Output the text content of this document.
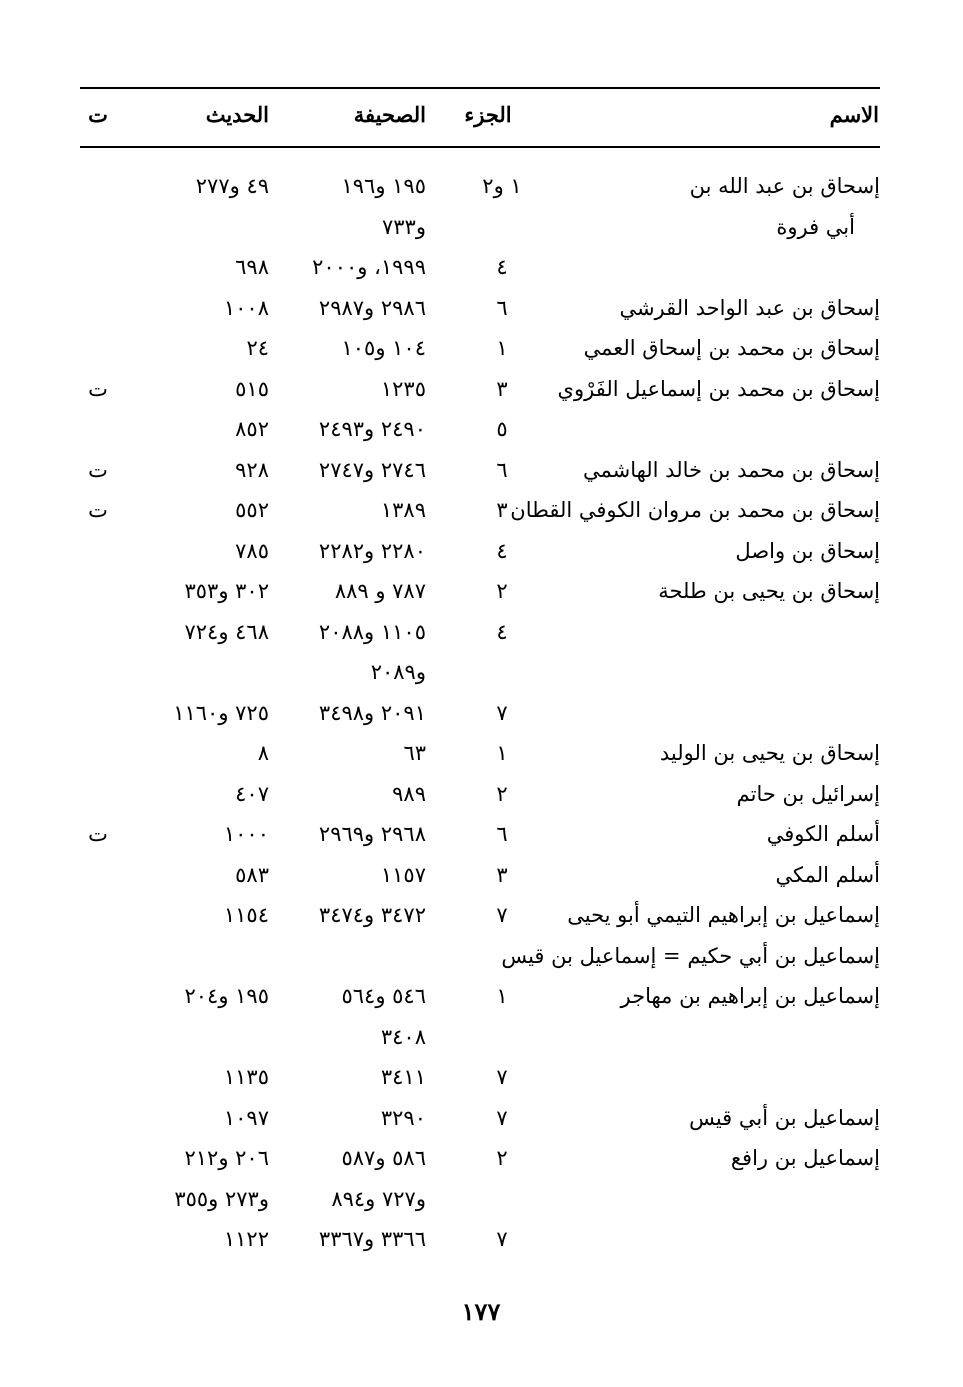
الاسم
الجزء
الصحيفة
الحديث
ت
إسحاق بن عبد الله بن
١ و٢
١٩٥ و١٩٦
٤٩ و٢٧٧
أبي فروة
و٧٣٣
٤
١٩٩٩، و٢٠٠٠
٦٩٨
إسحاق بن عبد الواحد القرشي
٦
٢٩٨٦ و٢٩٨٧
١٠٠٨
إسحاق بن محمد بن إسحاق العمي
١
١٠٤ و١٠٥
٢٤
إسحاق بن محمد بن إسماعيل الفَرْوي
٣
١٢٣٥
٥١٥
ت
٥
٢٤٩٠ و٢٤٩٣
٨٥٢
إسحاق بن محمد بن خالد الهاشمي
٦
٢٧٤٦ و٢٧٤٧
٩٢٨
ت
إسحاق بن محمد بن مروان الكوفي القطان
٣
١٣٨٩
٥٥٢
ت
إسحاق بن واصل
٤
٢٢٨٠ و٢٢٨٢
٧٨٥
إسحاق بن يحيى بن طلحة
٢
٧٨٧ و ٨٨٩
٣٠٢ و٣٥٣
٤
١١٠٥ و٢٠٨٨
٤٦٨ و٧٢٤
و٢٠٨٩
٧
٢٠٩١ و٣٤٩٨
٧٢٥ و١١٦٠
إسحاق بن يحيى بن الوليد
١
٦٣
٨
إسرائيل بن حاتم
٢
٩٨٩
٤٠٧
أسلم الكوفي
٦
٢٩٦٨ و٢٩٦٩
١٠٠٠
ت
أسلم المكي
٣
١١٥٧
٥٨٣
إسماعيل بن إبراهيم التيمي أبو يحيى
٧
٣٤٧٢ و٣٤٧٤
١١٥٤
إسماعيل بن أبي حكيم = إسماعيل بن قيس
إسماعيل بن إبراهيم بن مهاجر
١
٥٤٦ و٥٦٤
١٩٥ و٢٠٤
٣٤٠٨
٧
٣٤١١
١١٣٥
إسماعيل بن أبي قيس
٧
٣٢٩٠
١٠٩٧
إسماعيل بن رافع
٢
٥٨٦ و٥٨٧
٢٠٦ و٢١٢
و٧٢٧ و٨٩٤
و٢٧٣ و٣٥٥
٧
٣٣٦٦ و٣٣٦٧
١١٢٢
١٧٧
